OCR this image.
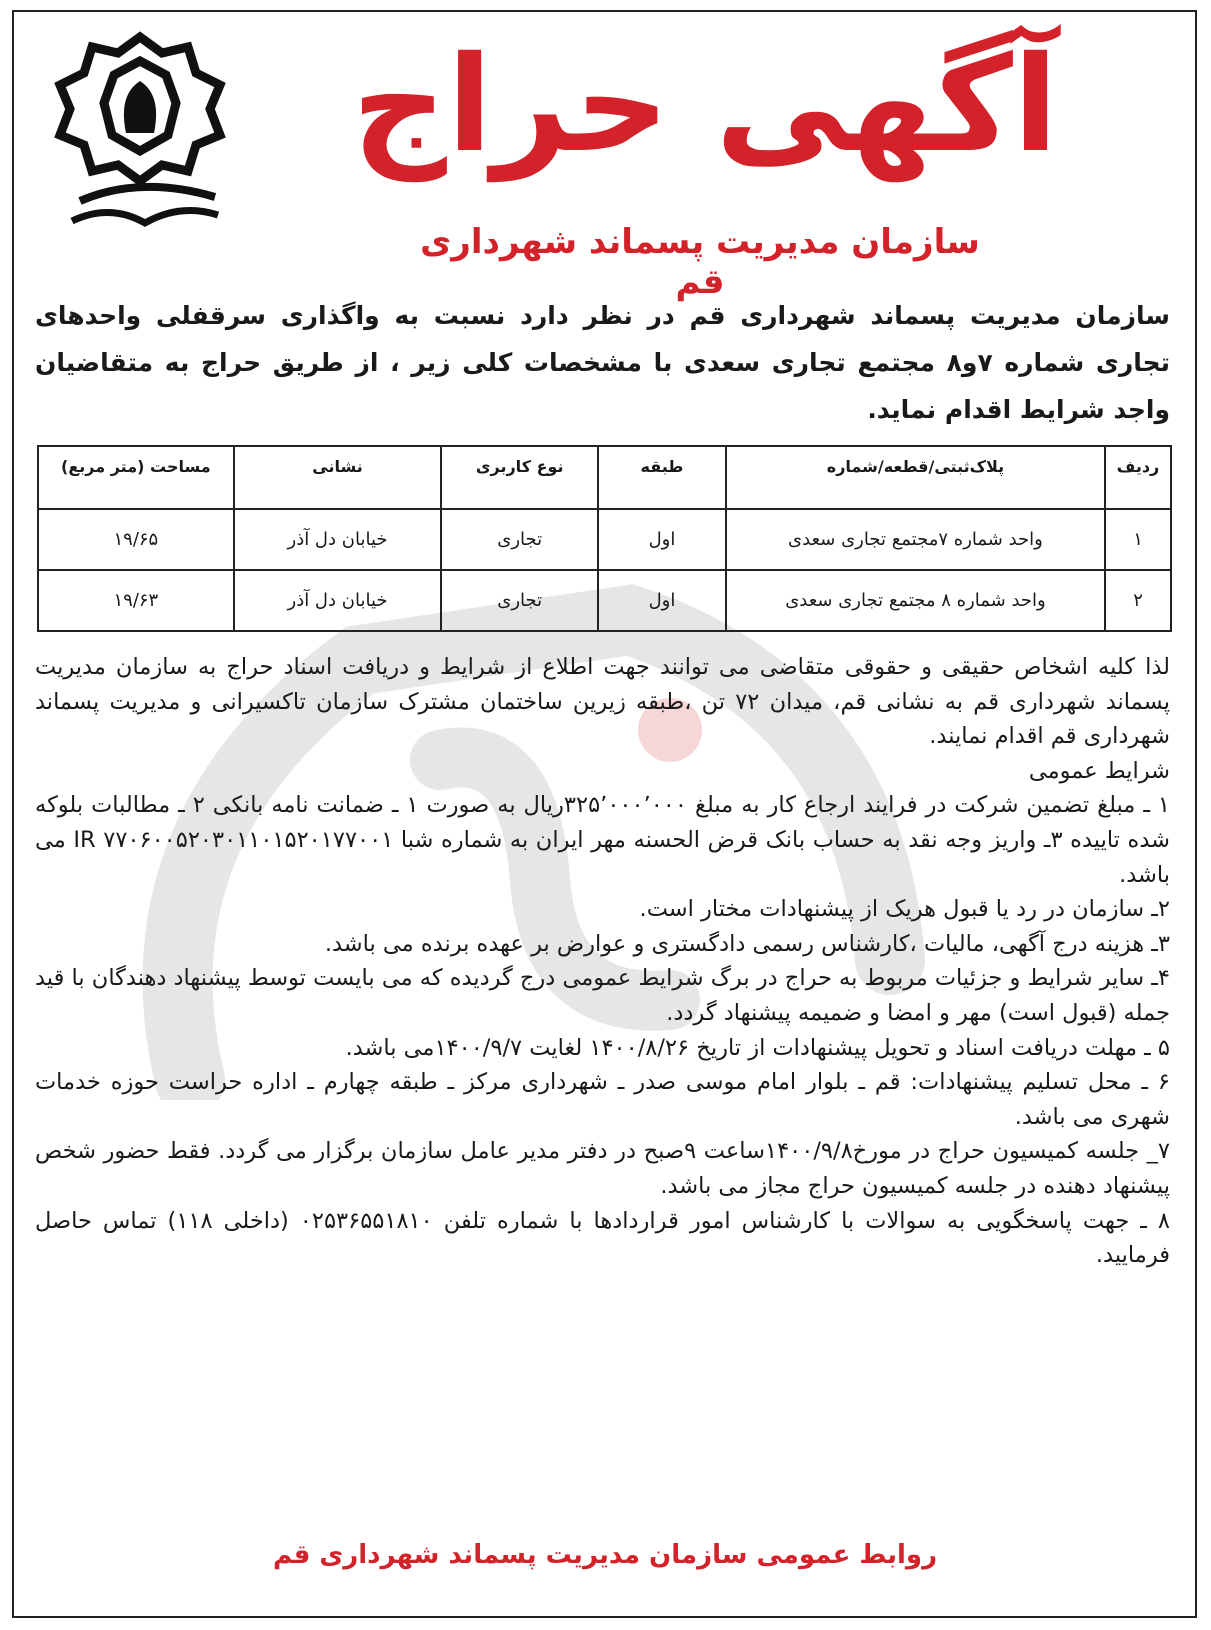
آگهی حراج
سازمان مدیریت پسماند شهرداری قم
سازمان مدیریت پسماند شهرداری قم در نظر دارد نسبت به واگذاری سرقفلی واحدهای تجاری شماره ۷و۸ مجتمع تجاری سعدی با مشخصات کلی زیر ، از طریق حراج به متقاضیان واجد شرایط اقدام نماید.
ردیف	پلاک‌ثبتی/قطعه/شماره	طبقه	نوع کاربری	نشانی	مساحت (متر مربع)
۱	واحد شماره ۷مجتمع تجاری سعدی	اول	تجاری	خیابان دل آذر	۱۹/۶۵
۲	واحد شماره ۸ مجتمع تجاری سعدی	اول	تجاری	خیابان دل آذر	۱۹/۶۳

لذا کلیه اشخاص حقیقی و حقوقی متقاضی می توانند جهت اطلاع از شرایط و دریافت اسناد حراج به سازمان مدیریت پسماند شهرداری قم به نشانی قم، میدان ۷۲ تن ،طبقه زیرین ساختمان مشترک سازمان تاکسیرانی و مدیریت پسماند شهرداری قم اقدام نمایند.

شرایط عمومی

۱ ـ مبلغ تضمین شرکت در فرایند ارجاع کار به مبلغ ۳۲۵٬۰۰۰٬۰۰۰ریال به صورت ۱ ـ ضمانت نامه بانکی ۲ ـ مطالبات بلوکه شده تاییده ۳ـ واریز وجه نقد به حساب بانک قرض الحسنه مهر ایران به شماره شبا IR ۷۷۰۶۰۰۵۲۰۳۰۱۱۰۱۵۲۰۱۷۷۰۰۱ می باشد.

۲ـ سازمان در رد یا قبول هریک از پیشنهادات مختار است.

۳ـ هزینه درج آگهی، مالیات ،کارشناس رسمی دادگستری و عوارض بر عهده برنده می باشد.

۴ـ سایر شرایط و جزئیات مربوط به حراج در برگ شرایط عمومی درج گردیده که می بایست توسط پیشنهاد دهندگان با قید جمله (قبول است) مهر و امضا و ضمیمه پیشنهاد گردد.

۵ ـ مهلت دریافت اسناد و تحویل پیشنهادات از تاریخ ۱۴۰۰/۸/۲۶ لغایت ۱۴۰۰/۹/۷می باشد.

۶ ـ محل تسلیم پیشنهادات: قم ـ بلوار امام موسی صدر ـ شهرداری مرکز ـ طبقه چهارم ـ اداره حراست حوزه خدمات شهری می باشد.

۷_ جلسه کمیسیون حراج در مورخ۱۴۰۰/۹/۸ساعت ۹صبح در دفتر مدیر عامل سازمان برگزار می گردد. فقط حضور شخص پیشنهاد دهنده در جلسه کمیسیون حراج مجاز می باشد.

۸ ـ جهت پاسخگویی به سوالات با کارشناس امور قراردادها با شماره تلفن ۰۲۵۳۶۵۵۱۸۱۰ (داخلی ۱۱۸) تماس حاصل فرمایید.

روابط عمومی سازمان مدیریت پسماند شهرداری قم
